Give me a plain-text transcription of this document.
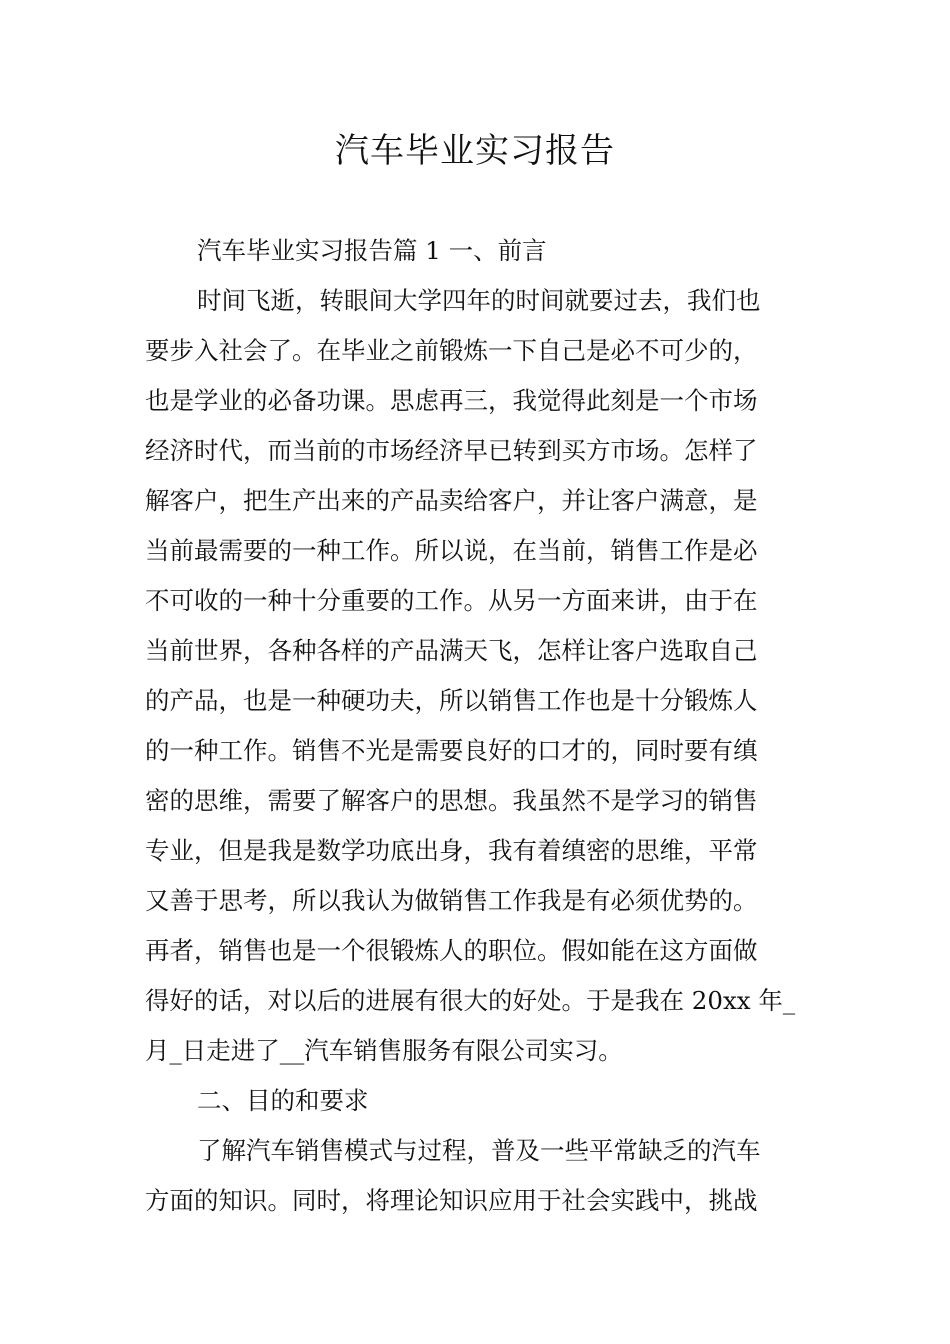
汽车毕业实习报告
汽车毕业实习报告篇 1 一、前言
时间飞逝，转眼间大学四年的时间就要过去，我们也
要步入社会了。在毕业之前锻炼一下自己是必不可少的，
也是学业的必备功课。思虑再三，我觉得此刻是一个市场
经济时代，而当前的市场经济早已转到买方市场。怎样了
解客户，把生产出来的产品卖给客户，并让客户满意，是
当前最需要的一种工作。所以说，在当前，销售工作是必
不可收的一种十分重要的工作。从另一方面来讲，由于在
当前世界，各种各样的产品满天飞，怎样让客户选取自己
的产品，也是一种硬功夫，所以销售工作也是十分锻炼人
的一种工作。销售不光是需要良好的口才的，同时要有缜
密的思维，需要了解客户的思想。我虽然不是学习的销售
专业，但是我是数学功底出身，我有着缜密的思维，平常
又善于思考，所以我认为做销售工作我是有必须优势的。
再者，销售也是一个很锻炼人的职位。假如能在这方面做
得好的话，对以后的进展有很大的好处。于是我在 20xx 年_
月_日走进了__汽车销售服务有限公司实习。
二、目的和要求
了解汽车销售模式与过程，普及一些平常缺乏的汽车
方面的知识。同时，将理论知识应用于社会实践中，挑战
